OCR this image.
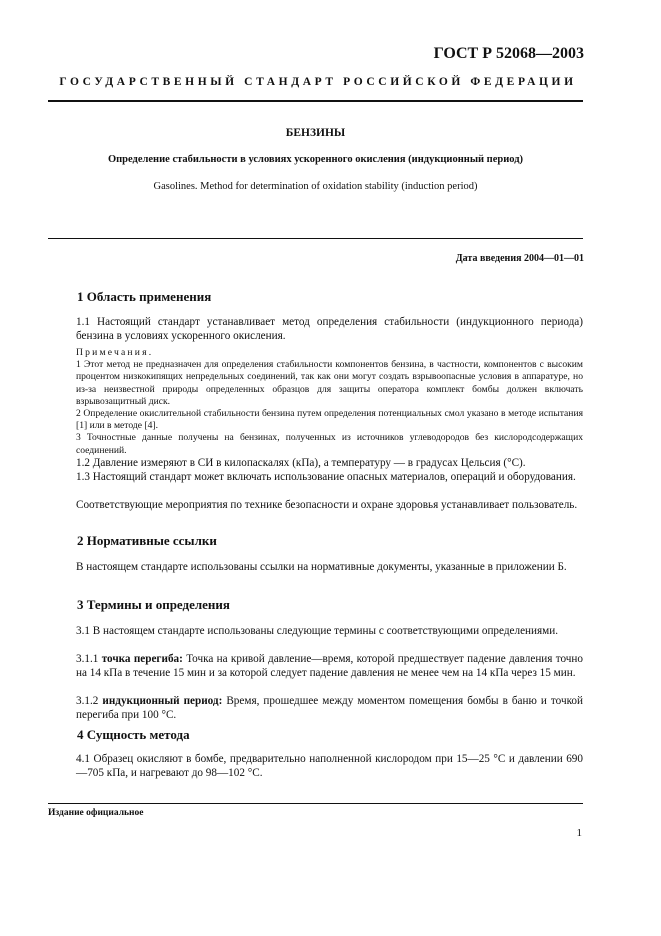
ГОСТ Р 52068—2003
ГОСУДАРСТВЕННЫЙ СТАНДАРТ РОССИЙСКОЙ ФЕДЕРАЦИИ
БЕНЗИНЫ
Определение стабильности в условиях ускоренного окисления (индукционный период)
Gasolines. Method for determination of oxidation stability (induction period)
Дата введения 2004—01—01
1 Область применения
1.1 Настоящий стандарт устанавливает метод определения стабильности (индукционного периода) бензина в условиях ускоренного окисления.
Примечания.
1 Этот метод не предназначен для определения стабильности компонентов бензина, в частности, компонентов с высоким процентом низкокипящих непредельных соединений, так как они могут создать взрывоопасные условия в аппаратуре, но из-за неизвестной природы определенных образцов для защиты оператора комплект бомбы должен включать взрывозащитный диск.
2 Определение окислительной стабильности бензина путем определения потенциальных смол указано в методе испытания [1] или в методе [4].
3 Точностные данные получены на бензинах, полученных из источников углеводородов без кислородсодержащих соединений.
1.2 Давление измеряют в СИ в килопаскалях (кПа), а температуру — в градусах Цельсия (°С).
1.3 Настоящий стандарт может включать использование опасных материалов, операций и оборудования.
Соответствующие мероприятия по технике безопасности и охране здоровья устанавливает пользователь.
2 Нормативные ссылки
В настоящем стандарте использованы ссылки на нормативные документы, указанные в приложении Б.
3 Термины и определения
3.1 В настоящем стандарте использованы следующие термины с соответствующими определениями.
3.1.1 точка перегиба: Точка на кривой давление—время, которой предшествует падение давления точно на 14 кПа в течение 15 мин и за которой следует падение давления не менее чем на 14 кПа через 15 мин.
3.1.2 индукционный период: Время, прошедшее между моментом помещения бомбы в баню и точкой перегиба при 100 °С.
4 Сущность метода
4.1 Образец окисляют в бомбе, предварительно наполненной кислородом при 15—25 °С и давлении 690—705 кПа, и нагревают до 98—102 °С.
Издание официальное
1
